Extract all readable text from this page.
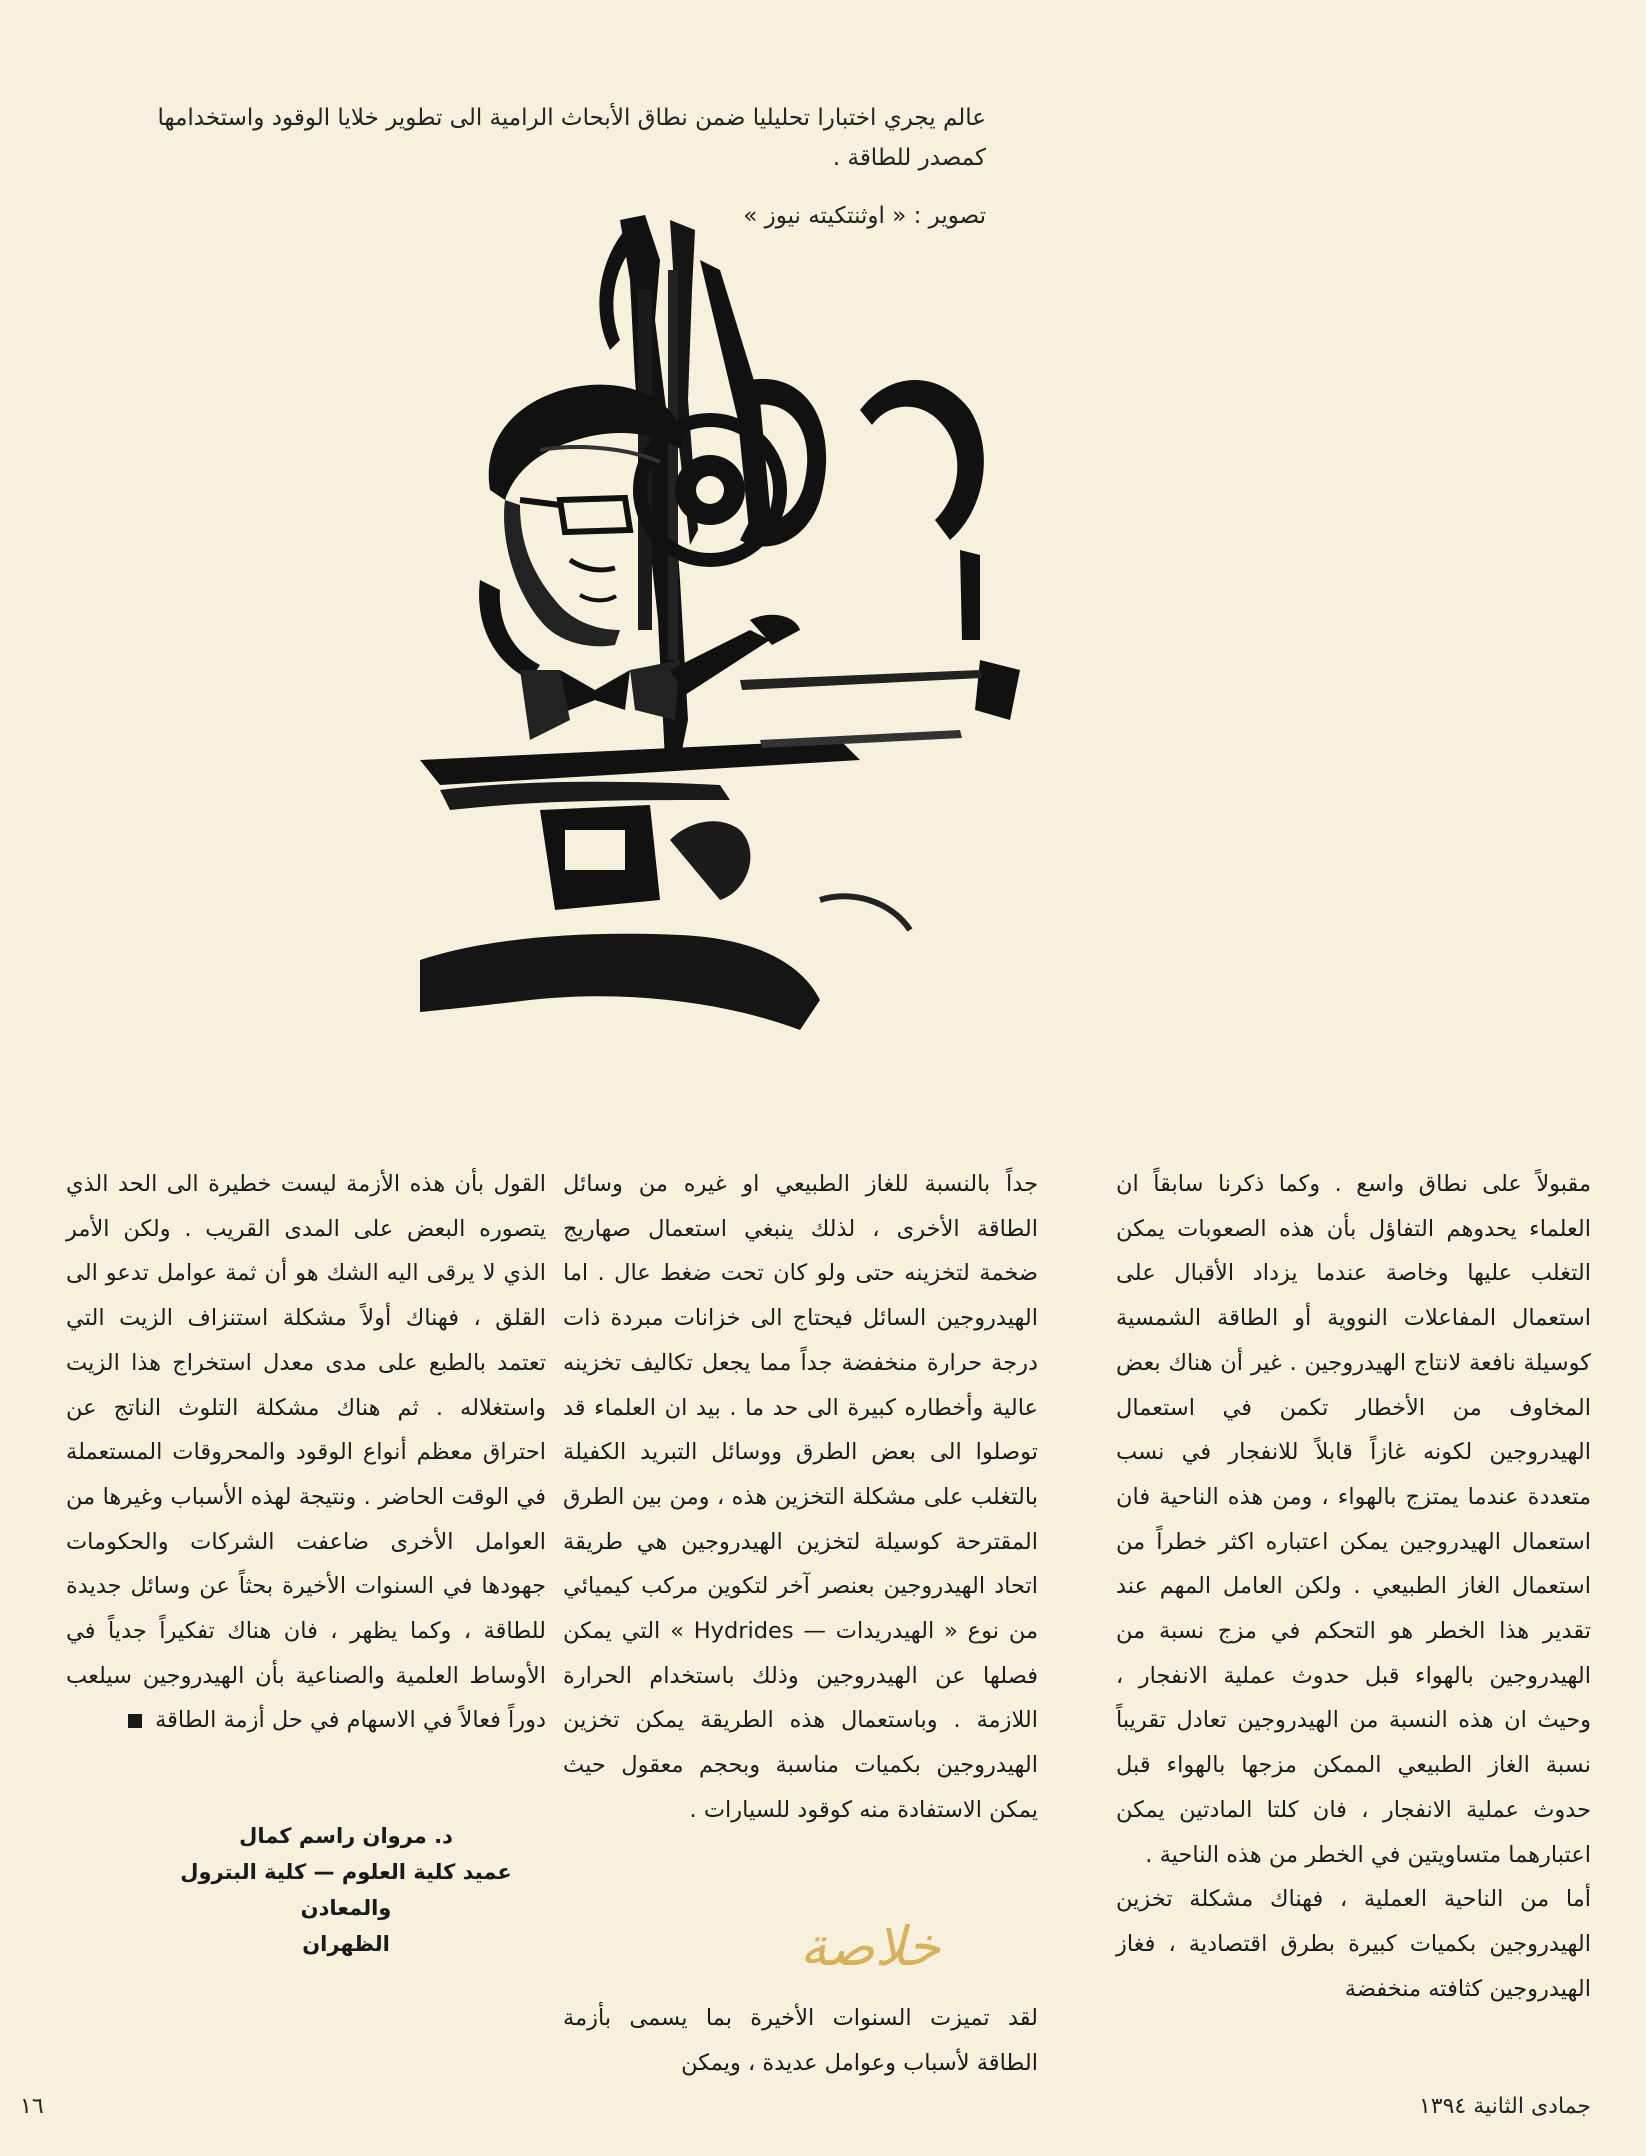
عالم يجري اختبارا تحليليا ضمن نطاق الأبحاث الرامية الى تطوير خلايا الوقود واستخدامها كمصدر للطاقة .

تصوير : « اوثنتكيته نيوز »

مقبولاً على نطاق واسع . وكما ذكرنا سابقاً ان العلماء يحدوهم التفاؤل بأن هذه الصعوبات يمكن التغلب عليها وخاصة عندما يزداد الأقبال على استعمال المفاعلات النووية أو الطاقة الشمسية كوسيلة نافعة لانتاج الهيدروجين . غير أن هناك بعض المخاوف من الأخطار تكمن في استعمال الهيدروجين لكونه غازاً قابلاً للانفجار في نسب متعددة عندما يمتزج بالهواء ، ومن هذه الناحية فان استعمال الهيدروجين يمكن اعتباره اكثر خطراً من استعمال الغاز الطبيعي . ولكن العامل المهم عند تقدير هذا الخطر هو التحكم في مزج نسبة من الهيدروجين بالهواء قبل حدوث عملية الانفجار ، وحيث ان هذه النسبة من الهيدروجين تعادل تقريباً نسبة الغاز الطبيعي الممكن مزجها بالهواء قبل حدوث عملية الانفجار ، فان كلتا المادتين يمكن اعتبارهما متساويتين في الخطر من هذه الناحية .

أما من الناحية العملية ، فهناك مشكلة تخزين الهيدروجين بكميات كبيرة بطرق اقتصادية ، فغاز الهيدروجين كثافته منخفضة

جداً بالنسبة للغاز الطبيعي او غيره من وسائل الطاقة الأخرى ، لذلك ينبغي استعمال صهاريج ضخمة لتخزينه حتى ولو كان تحت ضغط عال . اما الهيدروجين السائل فيحتاج الى خزانات مبردة ذات درجة حرارة منخفضة جداً مما يجعل تكاليف تخزينه عالية وأخطاره كبيرة الى حد ما . بيد ان العلماء قد توصلوا الى بعض الطرق ووسائل التبريد الكفيلة بالتغلب على مشكلة التخزين هذه ، ومن بين الطرق المقترحة كوسيلة لتخزين الهيدروجين هي طريقة اتحاد الهيدروجين بعنصر آخر لتكوين مركب كيميائي من نوع « الهيدريدات — Hydrides » التي يمكن فصلها عن الهيدروجين وذلك باستخدام الحرارة اللازمة . وباستعمال هذه الطريقة يمكن تخزين الهيدروجين بكميات مناسبة وبحجم معقول حيث يمكن الاستفادة منه كوقود للسيارات .

خلاصة

لقد تميزت السنوات الأخيرة بما يسمى بأزمة الطاقة لأسباب وعوامل عديدة ، ويمكن

القول بأن هذه الأزمة ليست خطيرة الى الحد الذي يتصوره البعض على المدى القريب . ولكن الأمر الذي لا يرقى اليه الشك هو أن ثمة عوامل تدعو الى القلق ، فهناك أولاً مشكلة استنزاف الزيت التي تعتمد بالطبع على مدى معدل استخراج هذا الزيت واستغلاله . ثم هناك مشكلة التلوث الناتج عن احتراق معظم أنواع الوقود والمحروقات المستعملة في الوقت الحاضر . ونتيجة لهذه الأسباب وغيرها من العوامل الأخرى ضاعفت الشركات والحكومات جهودها في السنوات الأخيرة بحثاً عن وسائل جديدة للطاقة ، وكما يظهر ، فان هناك تفكيراً جدياً في الأوساط العلمية والصناعية بأن الهيدروجين سيلعب دوراً فعالاً في الاسهام في حل أزمة الطاقة

د. مروان راسم كمال
عميد كلية العلوم — كلية البترول والمعادن
الظهران
جمادى الثانية ١٣٩٤
١٦
